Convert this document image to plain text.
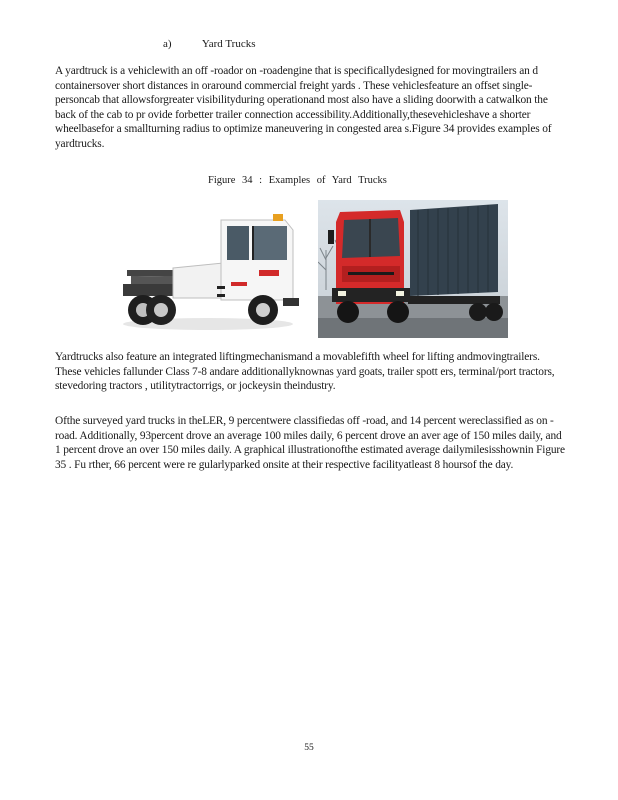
a)	Yard Trucks

A yardtruck is a vehiclewith an off -roador on -roadengine that is specificallydesigned for movingtrailers an d containersover short distances in oraround commercial freight yards . These vehiclesfeature an offset single-personcab that allowsforgreater visibilityduring operationand most also have a sliding doorwith a catwalkon the back of the cab to pr ovide forbetter trailer connection accessibility.Additionally,thesevehicleshave a shorter wheelbasefor a smallturning radius to optimize maneuvering in congested area s.Figure 34 provides examples of yardtrucks.

Figure 34 : Examples of Yard Trucks

Yardtrucks also feature an integrated liftingmechanismand a movablefifth wheel for lifting andmovingtrailers. These vehicles fallunder Class 7-8 andare additionallyknownas yard goats, trailer spott ers, terminal/port tractors, stevedoring tractors , utilitytractorrigs, or jockeysin theindustry.

Ofthe surveyed yard trucks in theLER, 9 percentwere classifiedas off -road, and 14 percent wereclassified as on -road. Additionally, 93percent drove an average 100 miles daily, 6 percent drove an aver age of 150 miles daily, and 1 percent drove an over 150 miles daily. A graphical illustrationofthe estimated average dailymilesisshownin Figure 35 . Fu rther, 66 percent were re gularlyparked onsite at their respective facilityatleast 8 hoursof the day.

55
